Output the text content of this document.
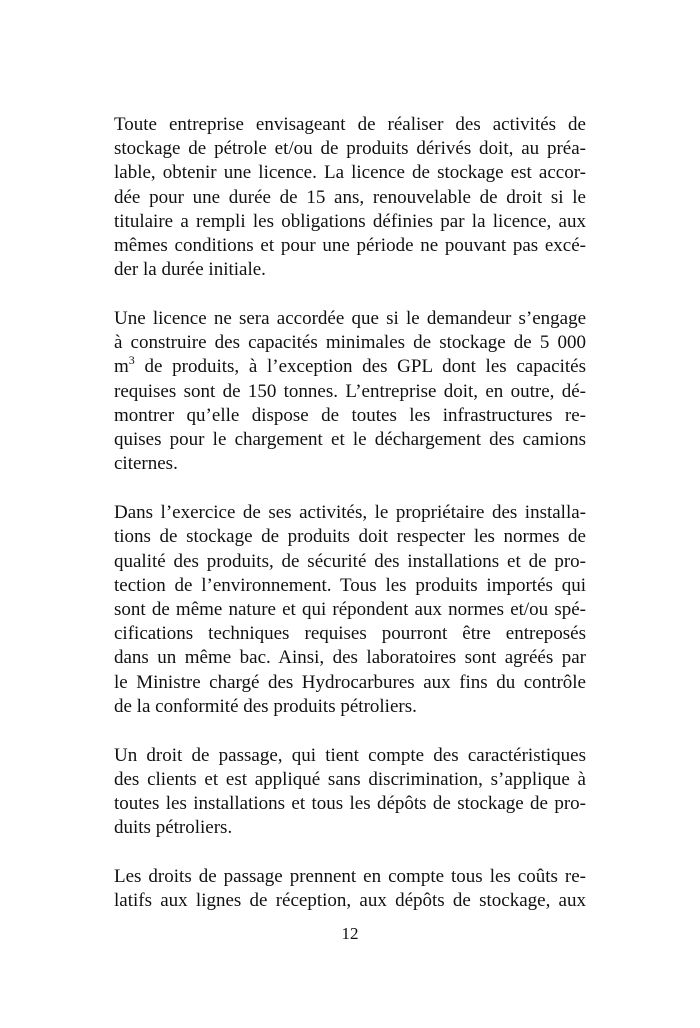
Toute entreprise envisageant de réaliser des activités de
stockage de pétrole et/ou de produits dérivés doit, au préa-
lable, obtenir une licence. La licence de stockage est accor-
dée pour une durée de 15 ans, renouvelable de droit si le
titulaire a rempli les obligations définies par la licence, aux
mêmes conditions et pour une période ne pouvant pas excé-
der la durée initiale.
Une licence ne sera accordée que si le demandeur s’engage
à construire des capacités minimales de stockage de 5 000
$m^3$ de produits, à l’exception des GPL dont les capacités
requises sont de 150 tonnes. L’entreprise doit, en outre, dé-
montrer qu’elle dispose de toutes les infrastructures re-
quises pour le chargement et le déchargement des camions
citernes.
Dans l’exercice de ses activités, le propriétaire des installa-
tions de stockage de produits doit respecter les normes de
qualité des produits, de sécurité des installations et de pro-
tection de l’environnement. Tous les produits importés qui
sont de même nature et qui répondent aux normes et/ou spé-
cifications techniques requises pourront être entreposés
dans un même bac. Ainsi, des laboratoires sont agréés par
le Ministre chargé des Hydrocarbures aux fins du contrôle
de la conformité des produits pétroliers.
Un droit de passage, qui tient compte des caractéristiques
des clients et est appliqué sans discrimination, s’applique à
toutes les installations et tous les dépôts de stockage de pro-
duits pétroliers.
Les droits de passage prennent en compte tous les coûts re-
latifs aux lignes de réception, aux dépôts de stockage, aux
12
